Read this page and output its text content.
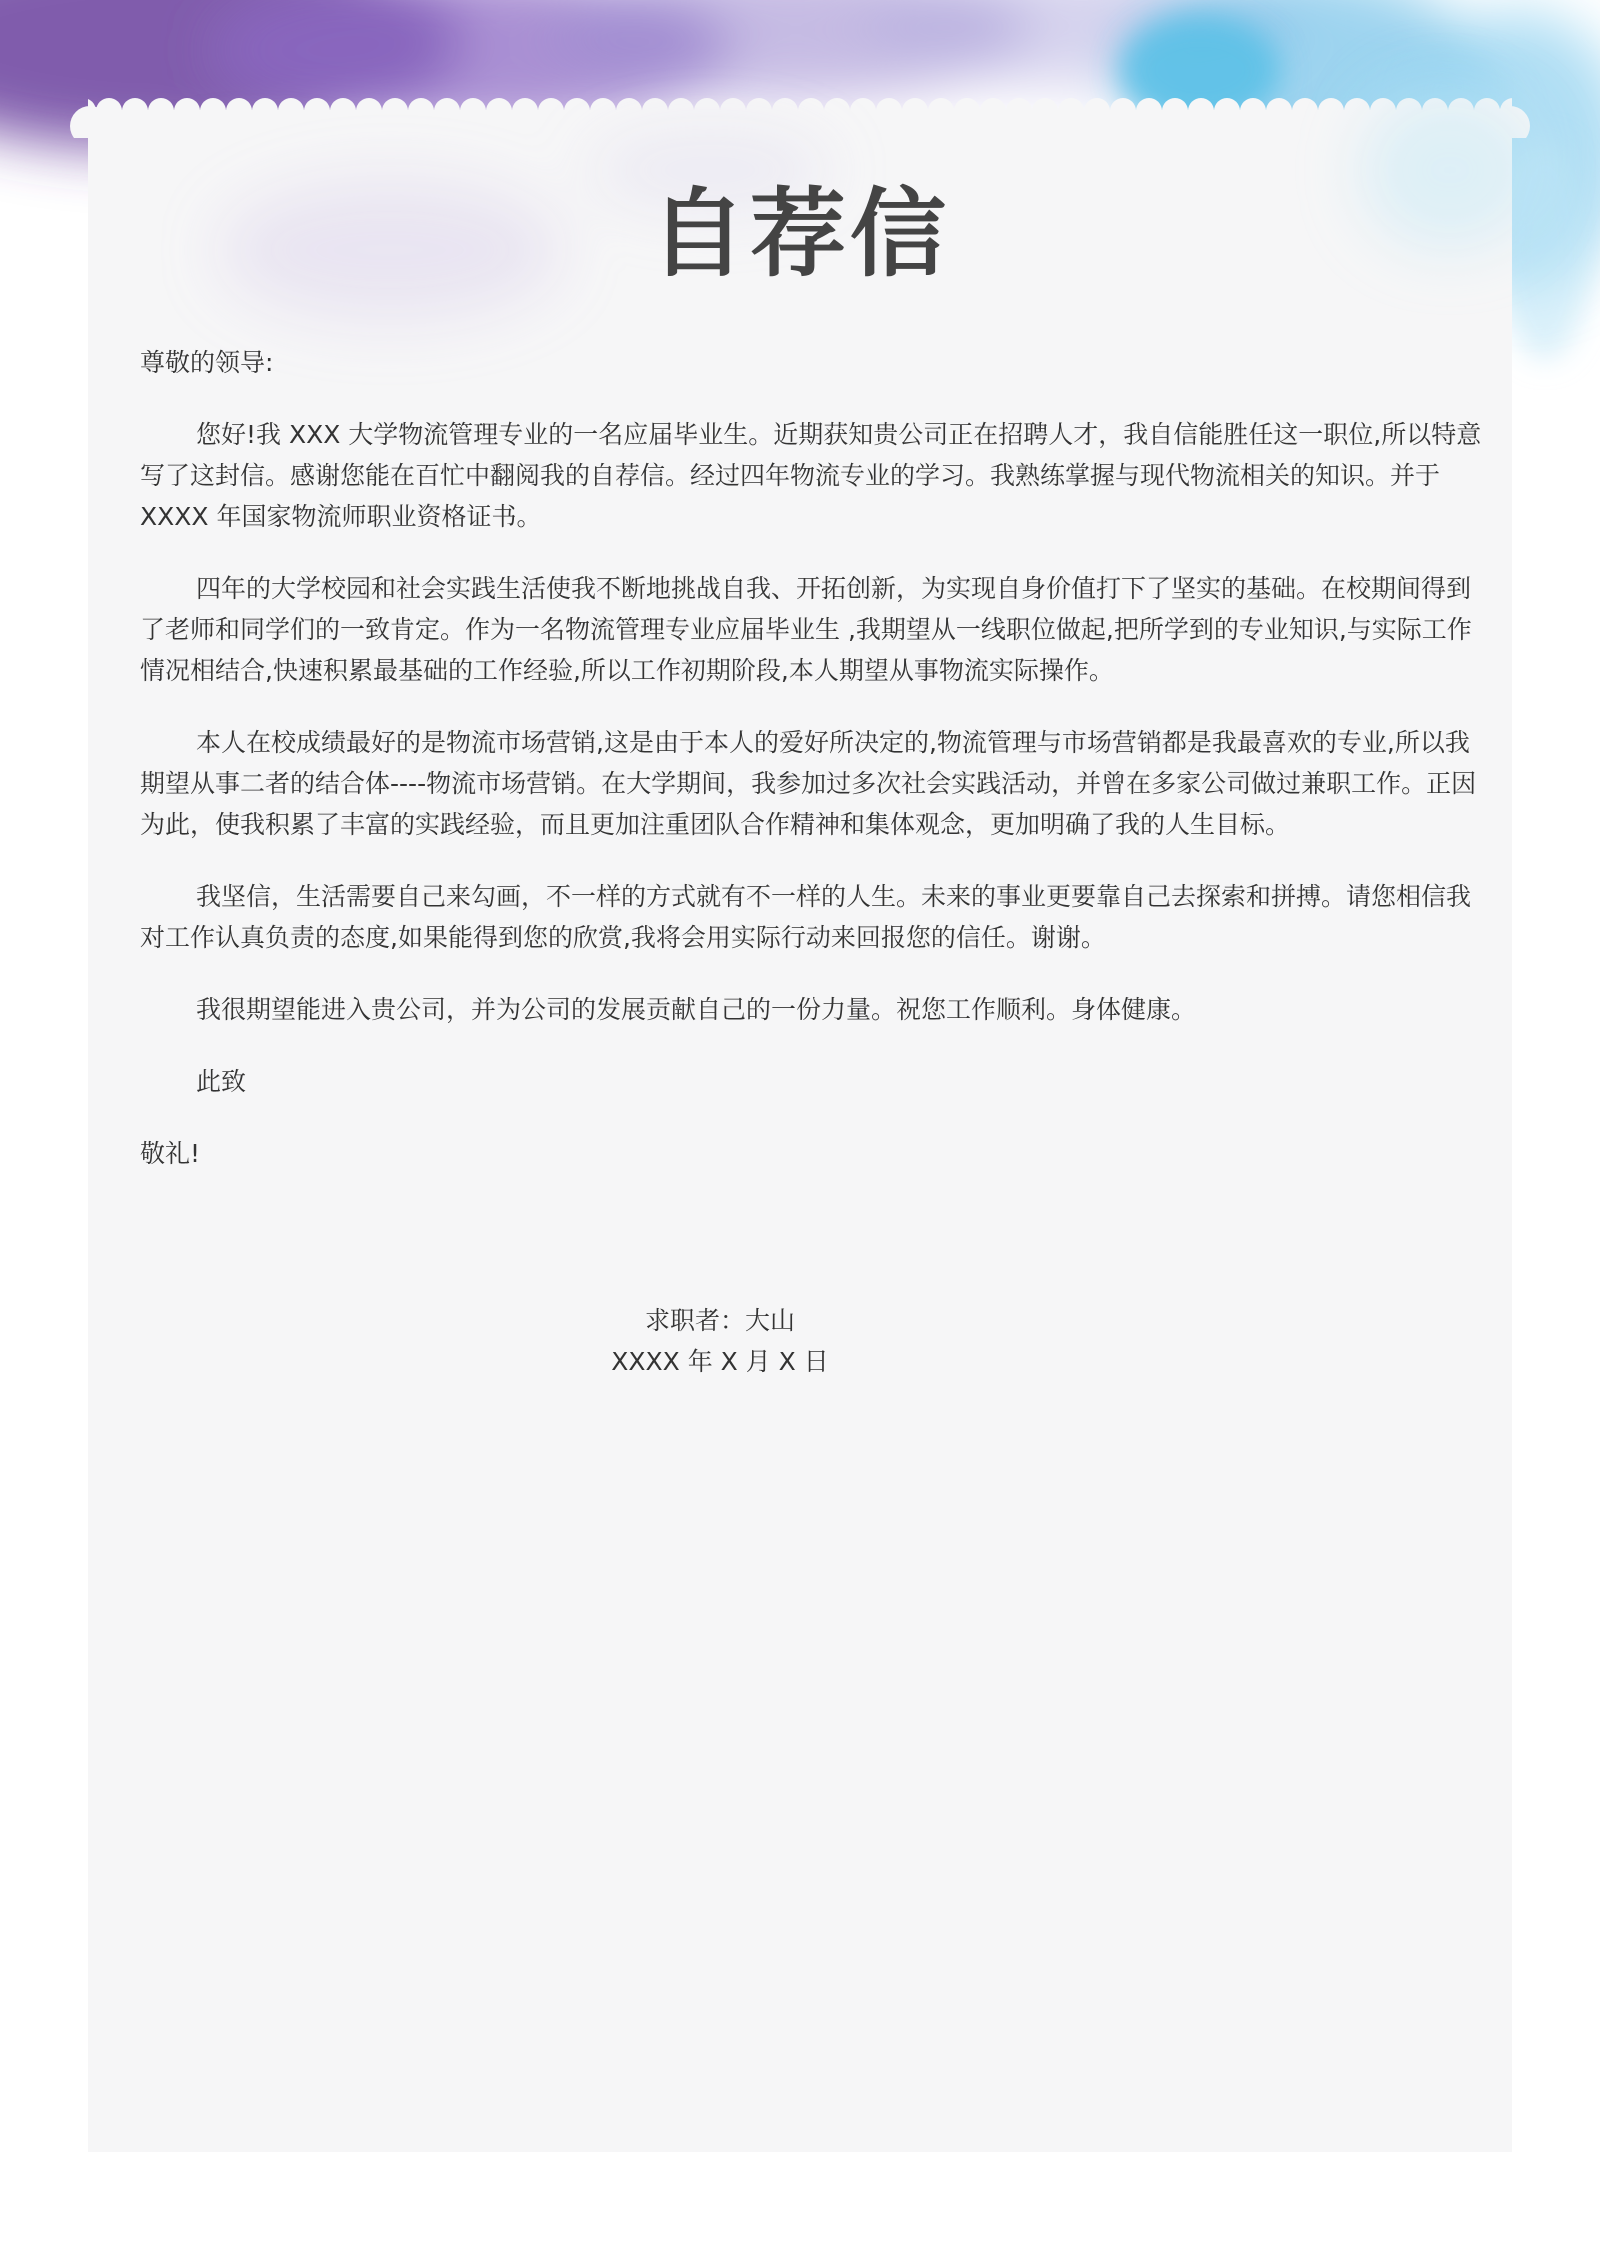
自荐信

尊敬的领导:

您好!我 XXX 大学物流管理专业的一名应届毕业生。近期获知贵公司正在招聘人才，我自信能胜任这一职位,所以特意写了这封信。感谢您能在百忙中翻阅我的自荐信。经过四年物流专业的学习。我熟练掌握与现代物流相关的知识。并于 XXXX 年国家物流师职业资格证书。

四年的大学校园和社会实践生活使我不断地挑战自我、开拓创新，为实现自身价值打下了坚实的基础。在校期间得到了老师和同学们的一致肯定。作为一名物流管理专业应届毕业生 ,我期望从一线职位做起,把所学到的专业知识,与实际工作情况相结合,快速积累最基础的工作经验,所以工作初期阶段,本人期望从事物流实际操作。

本人在校成绩最好的是物流市场营销,这是由于本人的爱好所决定的,物流管理与市场营销都是我最喜欢的专业,所以我期望从事二者的结合体----物流市场营销。在大学期间，我参加过多次社会实践活动，并曾在多家公司做过兼职工作。正因为此，使我积累了丰富的实践经验，而且更加注重团队合作精神和集体观念，更加明确了我的人生目标。

我坚信，生活需要自己来勾画，不一样的方式就有不一样的人生。未来的事业更要靠自己去探索和拼搏。请您相信我对工作认真负责的态度,如果能得到您的欣赏,我将会用实际行动来回报您的信任。谢谢。

我很期望能进入贵公司，并为公司的发展贡献自己的一份力量。祝您工作顺利。身体健康。

此致

敬礼!

求职者：大山
XXXX 年 X 月 X 日
